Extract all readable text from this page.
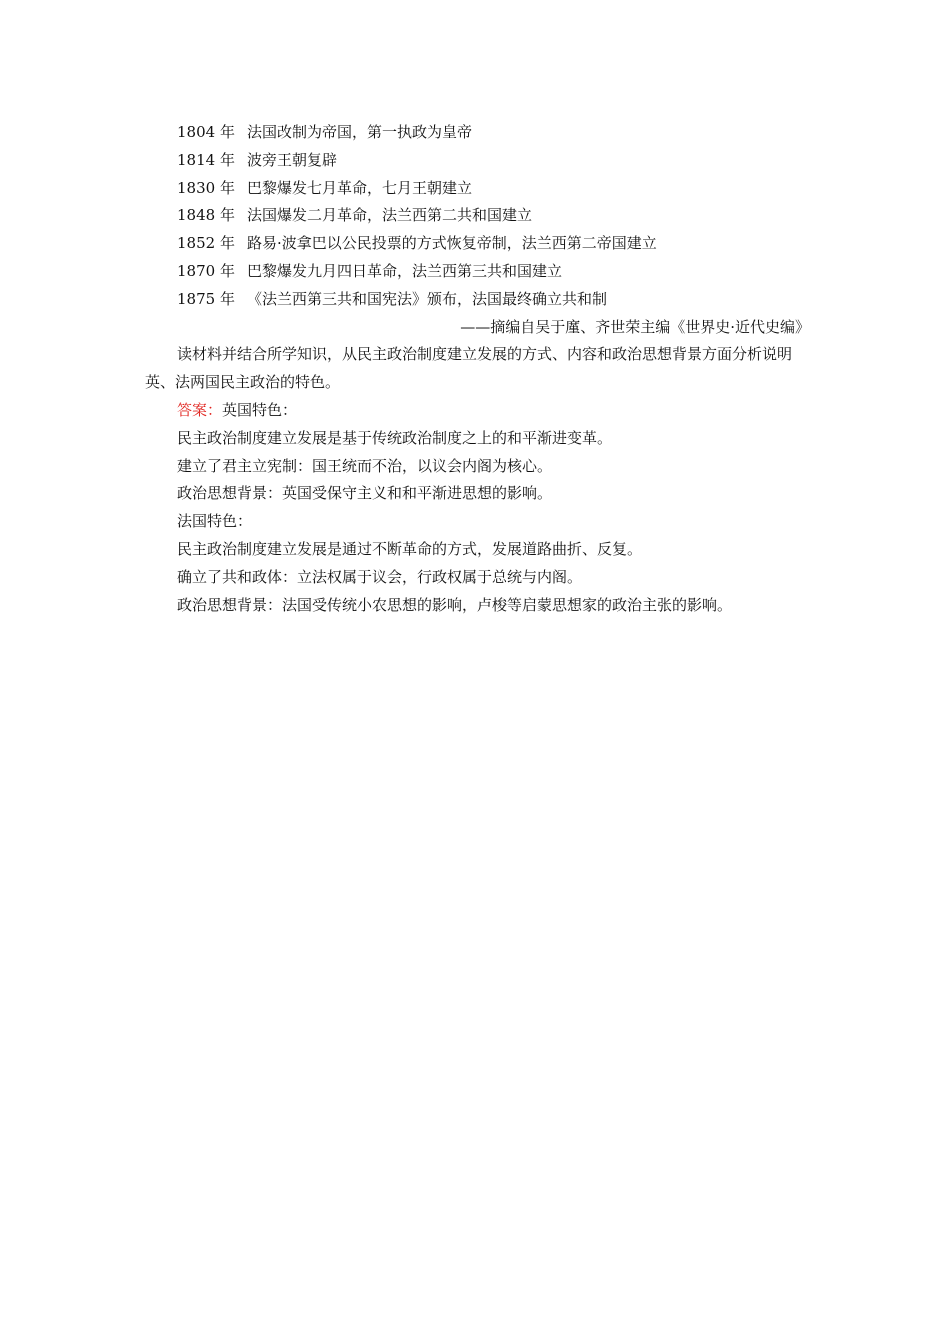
1804 年 法国改制为帝国，第一执政为皇帝
1814 年 波旁王朝复辟
1830 年 巴黎爆发七月革命，七月王朝建立
1848 年 法国爆发二月革命，法兰西第二共和国建立
1852 年 路易·波拿巴以公民投票的方式恢复帝制，法兰西第二帝国建立
1870 年 巴黎爆发九月四日革命，法兰西第三共和国建立
1875 年 《法兰西第三共和国宪法》颁布，法国最终确立共和制
——摘编自吴于廑、齐世荣主编《世界史·近代史编》

读材料并结合所学知识，从民主政治制度建立发展的方式、内容和政治思想背景方面分析说明英、法两国民主政治的特色。

答案：英国特色：
民主政治制度建立发展是基于传统政治制度之上的和平渐进变革。
建立了君主立宪制：国王统而不治，以议会内阁为核心。
政治思想背景：英国受保守主义和和平渐进思想的影响。
法国特色：
民主政治制度建立发展是通过不断革命的方式，发展道路曲折、反复。
确立了共和政体：立法权属于议会，行政权属于总统与内阁。
政治思想背景：法国受传统小农思想的影响，卢梭等启蒙思想家的政治主张的影响。
